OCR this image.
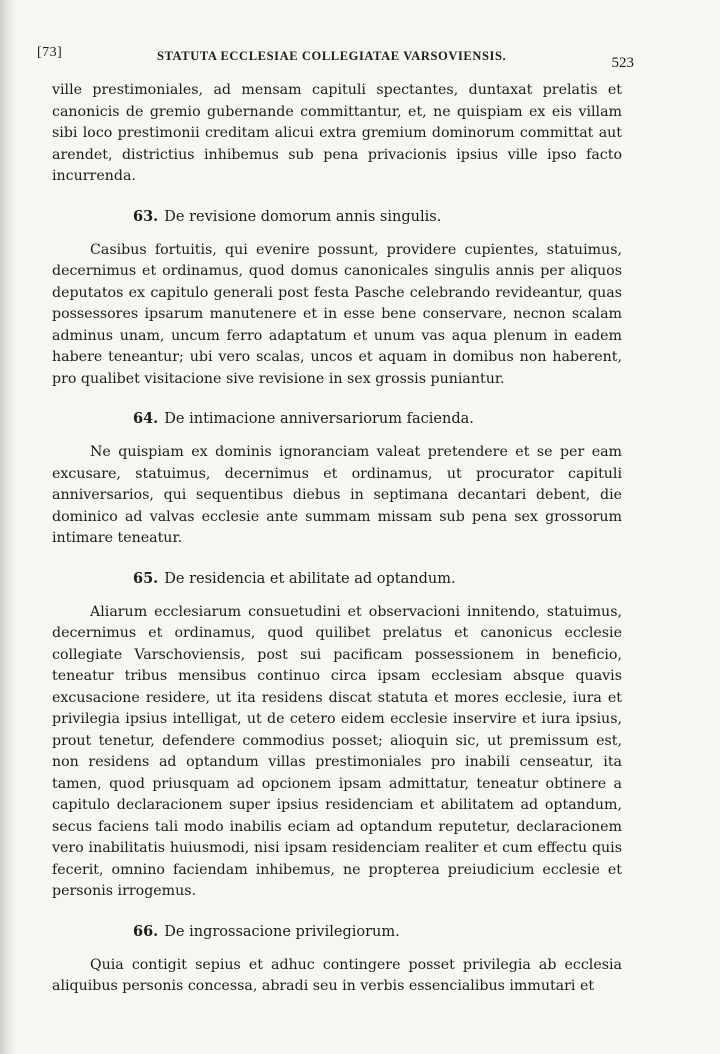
[73]	STATUTA ECCLESIAE COLLEGIATAE VARSOVIENSIS.	523

ville prestimoniales, ad mensam capituli spectantes, duntaxat prelatis et canonicis de gremio gubernande committantur, et, ne quispiam ex eis villam sibi loco prestimonii creditam alicui extra gremium dominorum committat aut arendet, districtius inhibemus sub pena privacionis ipsius ville ipso facto incurrenda.

63. De revisione domorum annis singulis.

Casibus fortuitis, qui evenire possunt, providere cupientes, statuimus, decernimus et ordinamus, quod domus canonicales singulis annis per aliquos deputatos ex capitulo generali post festa Pasche celebrando revideantur, quas possessores ipsarum manutenere et in esse bene conservare, necnon scalam adminus unam, uncum ferro adaptatum et unum vas aqua plenum in eadem habere teneantur; ubi vero scalas, uncos et aquam in domibus non haberent, pro qualibet visitacione sive revisione in sex grossis puniantur.

64. De intimacione anniversariorum facienda.

Ne quispiam ex dominis ignoranciam valeat pretendere et se per eam excusare, statuimus, decernimus et ordinamus, ut procurator capituli anniversarios, qui sequentibus diebus in septimana decantari debent, die dominico ad valvas ecclesie ante summam missam sub pena sex grossorum intimare teneatur.

65. De residencia et abilitate ad optandum.

Aliarum ecclesiarum consuetudini et observacioni innitendo, statuimus, decernimus et ordinamus, quod quilibet prelatus et canonicus ecclesie collegiate Varschoviensis, post sui pacificam possessionem in beneficio, teneatur tribus mensibus continuo circa ipsam ecclesiam absque quavis excusacione residere, ut ita residens discat statuta et mores ecclesie, iura et privilegia ipsius intelligat, ut de cetero eidem ecclesie inservire et iura ipsius, prout tenetur, defendere commodius posset; alioquin sic, ut premissum est, non residens ad optandum villas prestimoniales pro inabili censeatur, ita tamen, quod priusquam ad opcionem ipsam admittatur, teneatur obtinere a capitulo declaracionem super ipsius residenciam et abilitatem ad optandum, secus faciens tali modo inabilis eciam ad optandum reputetur, declaracionem vero inabilitatis huiusmodi, nisi ipsam residenciam realiter et cum effectu quis fecerit, omnino faciendam inhibemus, ne propterea preiudicium ecclesie et personis irrogemus.

66. De ingrossacione privilegiorum.

Quia contigit sepius et adhuc contingere posset privilegia ab ecclesia aliquibus personis concessa, abradi seu in verbis essencialibus immutari et
